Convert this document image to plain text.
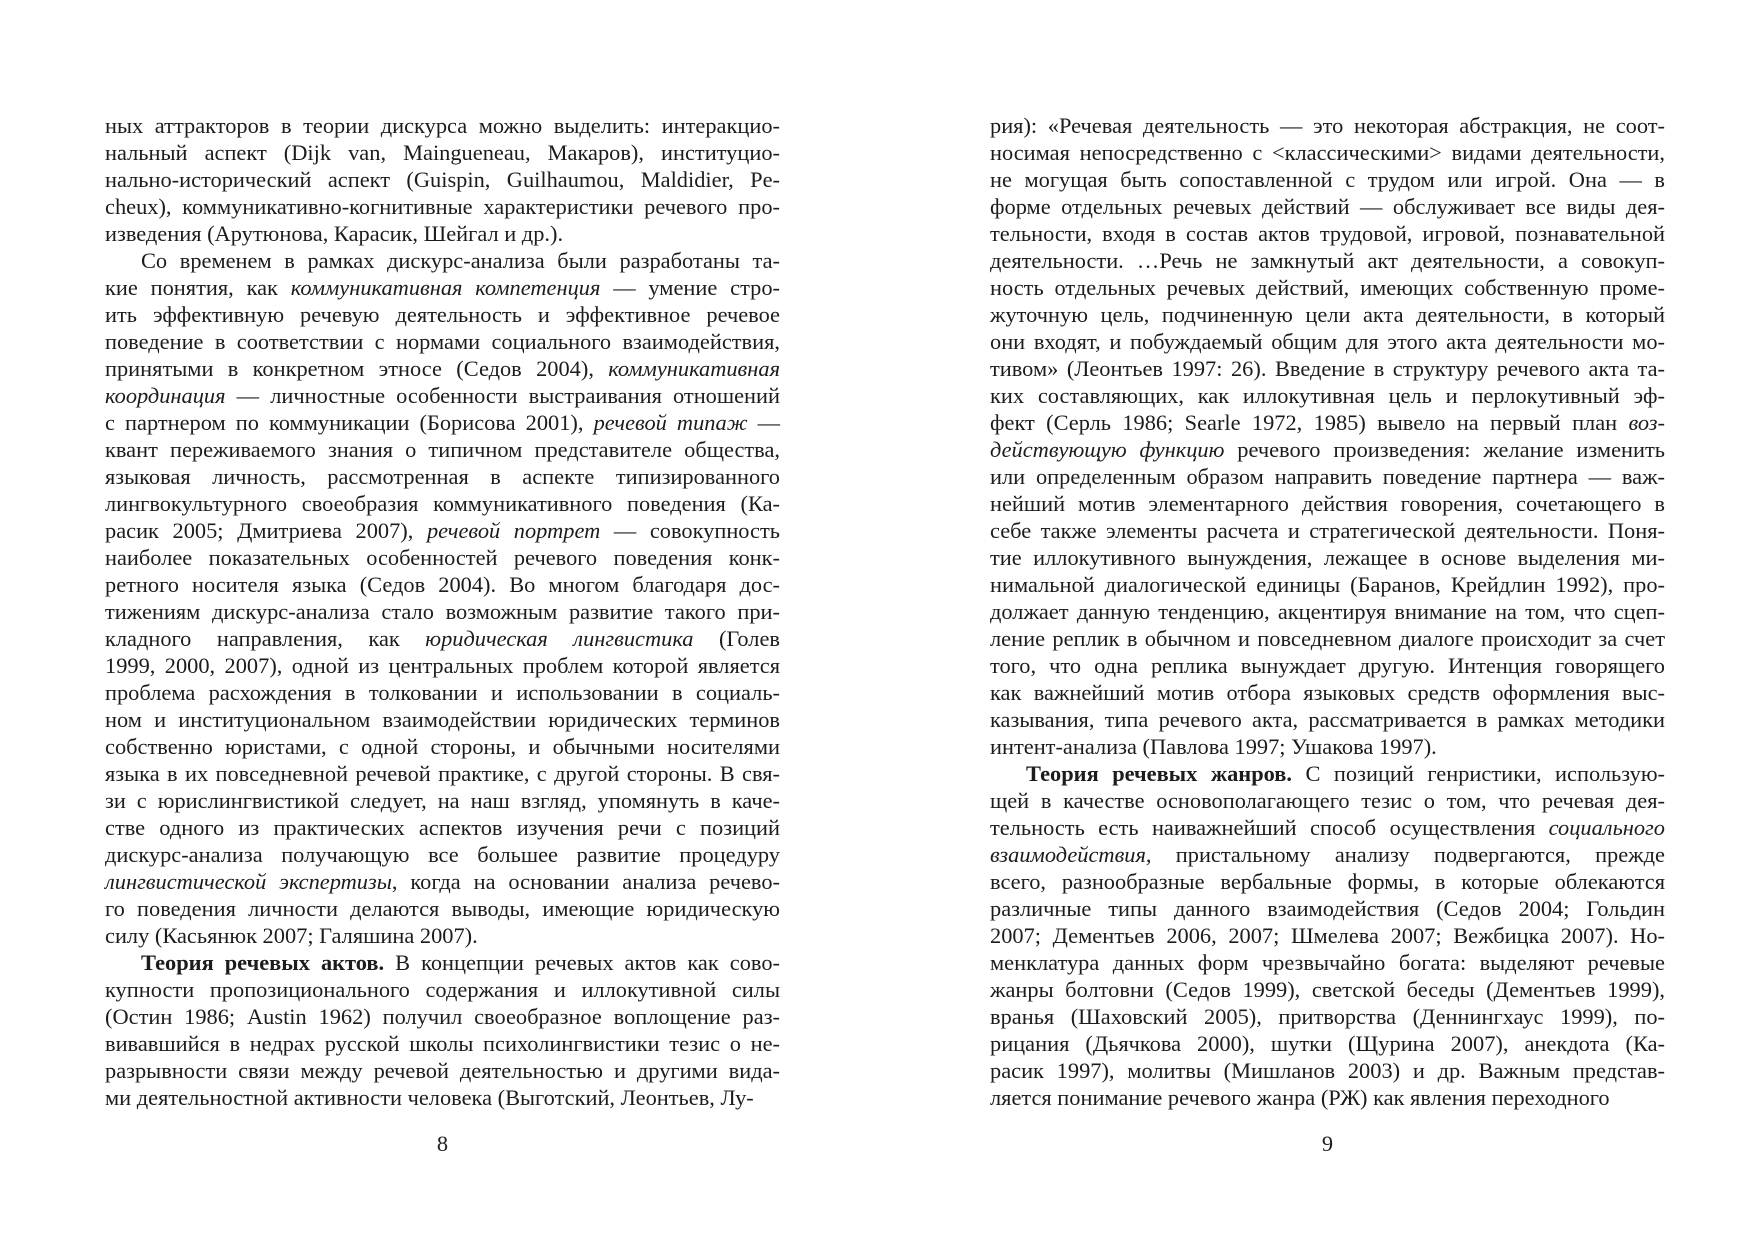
ных аттракторов в теории дискурса можно выделить: интеракцио-
нальный аспект (Dijk van, Maingueneau, Макаров), институцио-
нально-исторический аспект (Guispin, Guilhaumou, Maldidier, Pe-
cheux), коммуникативно-когнитивные характеристики речевого про-
изведения (Арутюнова, Карасик, Шейгал и др.).
Со временем в рамках дискурс-анализа были разработаны та-
кие понятия, как коммуникативная компетенция — умение стро-
ить эффективную речевую деятельность и эффективное речевое
поведение в соответствии с нормами социального взаимодействия,
принятыми в конкретном этносе (Седов 2004), коммуникативная
координация — личностные особенности выстраивания отношений
с партнером по коммуникации (Борисова 2001), речевой типаж —
квант переживаемого знания о типичном представителе общества,
языковая личность, рассмотренная в аспекте типизированного
лингвокультурного своеобразия коммуникативного поведения (Ка-
расик 2005; Дмитриева 2007), речевой портрет — совокупность
наиболее показательных особенностей речевого поведения конк-
ретного носителя языка (Седов 2004). Во многом благодаря дос-
тижениям дискурс-анализа стало возможным развитие такого при-
кладного направления, как юридическая лингвистика (Голев
1999, 2000, 2007), одной из центральных проблем которой является
проблема расхождения в толковании и использовании в социаль-
ном и институциональном взаимодействии юридических терминов
собственно юристами, с одной стороны, и обычными носителями
языка в их повседневной речевой практике, с другой стороны. В свя-
зи с юрислингвистикой следует, на наш взгляд, упомянуть в каче-
стве одного из практических аспектов изучения речи с позиций
дискурс-анализа получающую все большее развитие процедуру
лингвистической экспертизы, когда на основании анализа речево-
го поведения личности делаются выводы, имеющие юридическую
силу (Касьянюк 2007; Галяшина 2007).
Теория речевых актов. В концепции речевых актов как сово-
купности пропозиционального содержания и иллокутивной силы
(Остин 1986; Austin 1962) получил своеобразное воплощение раз-
вивавшийся в недрах русской школы психолингвистики тезис о не-
разрывности связи между речевой деятельностью и другими вида-
ми деятельностной активности человека (Выготский, Леонтьев, Лу-
8
рия): «Речевая деятельность — это некоторая абстракция, не соот-
носимая непосредственно с <классическими> видами деятельности,
не могущая быть сопоставленной с трудом или игрой. Она — в
форме отдельных речевых действий — обслуживает все виды дея-
тельности, входя в состав актов трудовой, игровой, познавательной
деятельности. …Речь не замкнутый акт деятельности, а совокуп-
ность отдельных речевых действий, имеющих собственную проме-
жуточную цель, подчиненную цели акта деятельности, в который
они входят, и побуждаемый общим для этого акта деятельности мо-
тивом» (Леонтьев 1997: 26). Введение в структуру речевого акта та-
ких составляющих, как иллокутивная цель и перлокутивный эф-
фект (Серль 1986; Searle 1972, 1985) вывело на первый план воз-
действующую функцию речевого произведения: желание изменить
или определенным образом направить поведение партнера — важ-
нейший мотив элементарного действия говорения, сочетающего в
себе также элементы расчета и стратегической деятельности. Поня-
тие иллокутивного вынуждения, лежащее в основе выделения ми-
нимальной диалогической единицы (Баранов, Крейдлин 1992), про-
должает данную тенденцию, акцентируя внимание на том, что сцеп-
ление реплик в обычном и повседневном диалоге происходит за счет
того, что одна реплика вынуждает другую. Интенция говорящего
как важнейший мотив отбора языковых средств оформления выс-
казывания, типа речевого акта, рассматривается в рамках методики
интент-анализа (Павлова 1997; Ушакова 1997).
Теория речевых жанров. С позиций генристики, использую-
щей в качестве основополагающего тезис о том, что речевая дея-
тельность есть наиважнейший способ осуществления социального
взаимодействия, пристальному анализу подвергаются, прежде
всего, разнообразные вербальные формы, в которые облекаются
различные типы данного взаимодействия (Седов 2004; Гольдин
2007; Дементьев 2006, 2007; Шмелева 2007; Вежбицка 2007). Но-
менклатура данных форм чрезвычайно богата: выделяют речевые
жанры болтовни (Седов 1999), светской беседы (Дементьев 1999),
вранья (Шаховский 2005), притворства (Деннингхаус 1999), по-
рицания (Дьячкова 2000), шутки (Щурина 2007), анекдота (Ка-
расик 1997), молитвы (Мишланов 2003) и др. Важным представ-
ляется понимание речевого жанра (РЖ) как явления переходного
9
